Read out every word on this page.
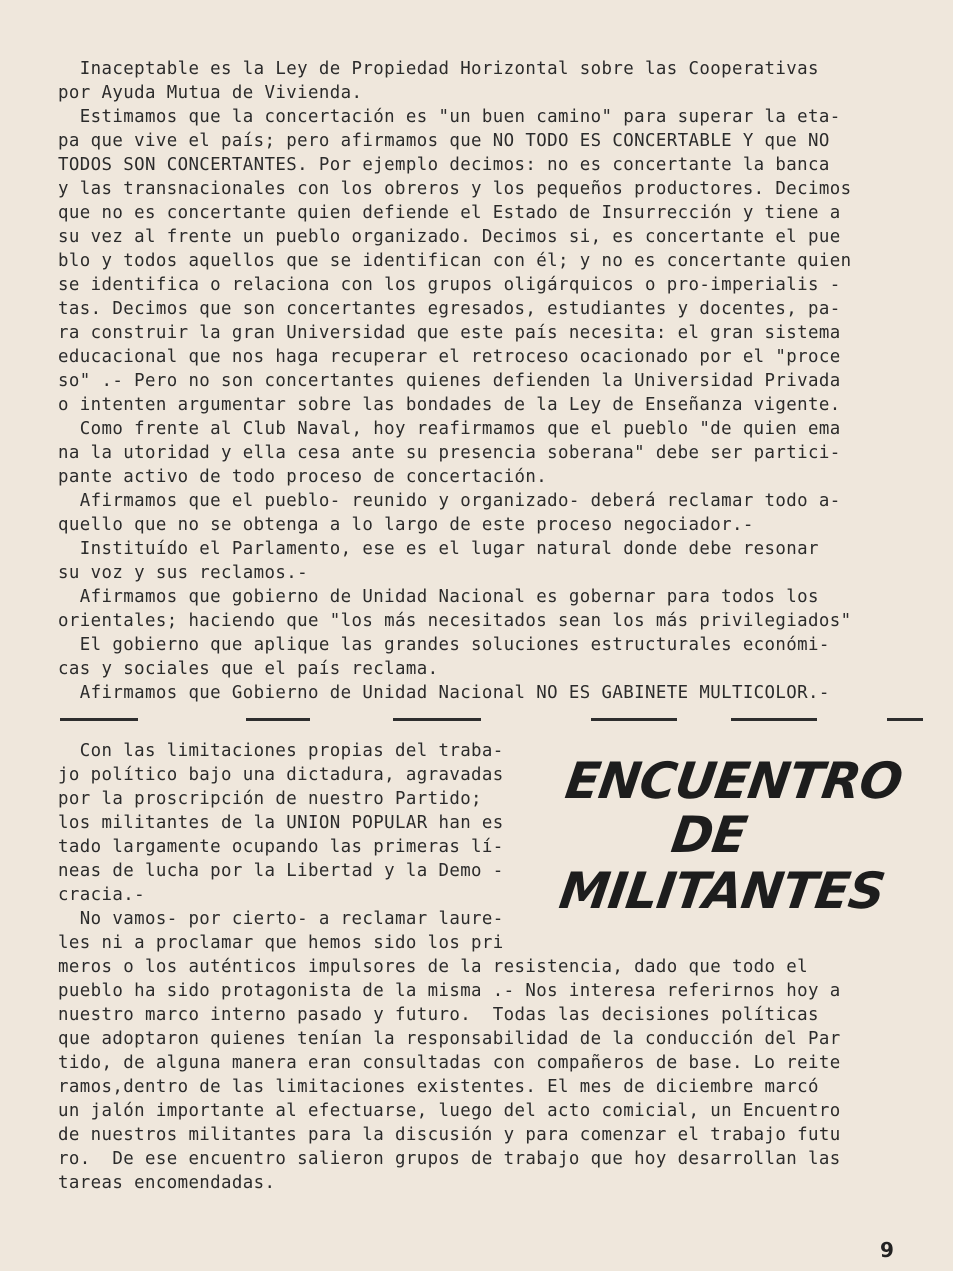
Inaceptable es la Ley de Propiedad Horizontal sobre las Cooperativas
por Ayuda Mutua de Vivienda.
Estimamos que la concertación es "un buen camino" para superar la eta-
pa que vive el país; pero afirmamos que NO TODO ES CONCERTABLE Y que NO
TODOS SON CONCERTANTES. Por ejemplo decimos: no es concertante la banca
y las transnacionales con los obreros y los pequeños productores. Decimos
que no es concertante quien defiende el Estado de Insurrección y tiene a
su vez al frente un pueblo organizado. Decimos si, es concertante el pue
blo y todos aquellos que se identifican con él; y no es concertante quien
se identifica o relaciona con los grupos oligárquicos o pro-imperialis -
tas. Decimos que son concertantes egresados, estudiantes y docentes, pa-
ra construir la gran Universidad que este país necesita: el gran sistema
educacional que nos haga recuperar el retroceso ocacionado por el "proce
so" .- Pero no son concertantes quienes defienden la Universidad Privada
o intenten argumentar sobre las bondades de la Ley de Enseñanza vigente.
Como frente al Club Naval, hoy reafirmamos que el pueblo "de quien ema
na la utoridad y ella cesa ante su presencia soberana" debe ser partici-
pante activo de todo proceso de concertación.
Afirmamos que el pueblo- reunido y organizado- deberá reclamar todo a-
quello que no se obtenga a lo largo de este proceso negociador.-
Instituído el Parlamento, ese es el lugar natural donde debe resonar
su voz y sus reclamos.-
Afirmamos que gobierno de Unidad Nacional es gobernar para todos los
orientales; haciendo que "los más necesitados sean los más privilegiados"
El gobierno que aplique las grandes soluciones estructurales económi-
cas y sociales que el país reclama.
Afirmamos que Gobierno de Unidad Nacional NO ES GABINETE MULTICOLOR.-
ENCUENTRO
DE
MILITANTES
Con las limitaciones propias del traba-
jo político bajo una dictadura, agravadas
por la proscripción de nuestro Partido;
los militantes de la UNION POPULAR han es
tado largamente ocupando las primeras lí-
neas de lucha por la Libertad y la Demo -
cracia.-
No vamos- por cierto- a reclamar laure-
les ni a proclamar que hemos sido los pri
meros o los auténticos impulsores de la resistencia, dado que todo el
pueblo ha sido protagonista de la misma .- Nos interesa referirnos hoy a
nuestro marco interno pasado y futuro.  Todas las decisiones políticas
que adoptaron quienes tenían la responsabilidad de la conducción del Par
tido, de alguna manera eran consultadas con compañeros de base. Lo reite
ramos,dentro de las limitaciones existentes. El mes de diciembre marcó
un jalón importante al efectuarse, luego del acto comicial, un Encuentro
de nuestros militantes para la discusión y para comenzar el trabajo futu
ro.  De ese encuentro salieron grupos de trabajo que hoy desarrollan las
tareas encomendadas.
9
